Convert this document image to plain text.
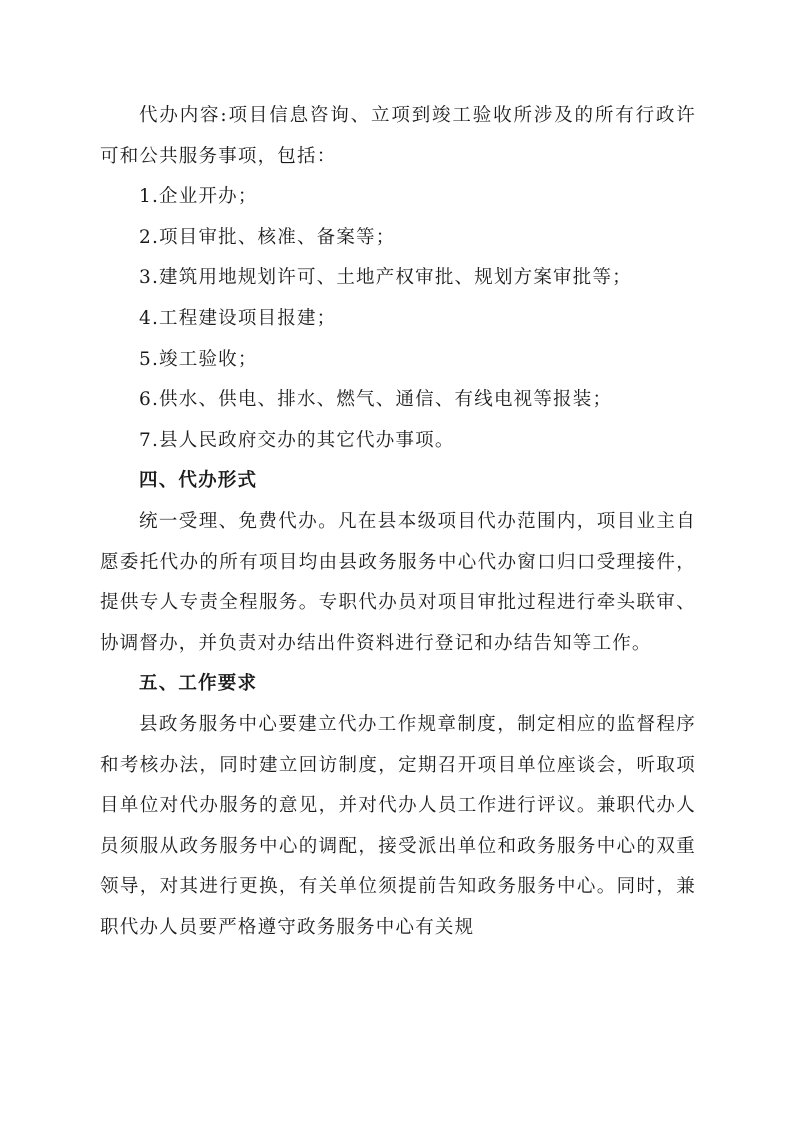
代办内容:项目信息咨询、立项到竣工验收所涉及的所有行政许可和公共服务事项，包括：

1.企业开办；

2.项目审批、核准、备案等；

3.建筑用地规划许可、土地产权审批、规划方案审批等；

4.工程建设项目报建；

5.竣工验收；

6.供水、供电、排水、燃气、通信、有线电视等报装；

7.县人民政府交办的其它代办事项。

四、代办形式

统一受理、免费代办。凡在县本级项目代办范围内，项目业主自愿委托代办的所有项目均由县政务服务中心代办窗口归口受理接件，提供专人专责全程服务。专职代办员对项目审批过程进行牵头联审、协调督办，并负责对办结出件资料进行登记和办结告知等工作。

五、工作要求

县政务服务中心要建立代办工作规章制度，制定相应的监督程序和考核办法，同时建立回访制度，定期召开项目单位座谈会，听取项目单位对代办服务的意见，并对代办人员工作进行评议。兼职代办人员须服从政务服务中心的调配，接受派出单位和政务服务中心的双重领导，对其进行更换，有关单位须提前告知政务服务中心。同时，兼职代办人员要严格遵守政务服务中心有关规
